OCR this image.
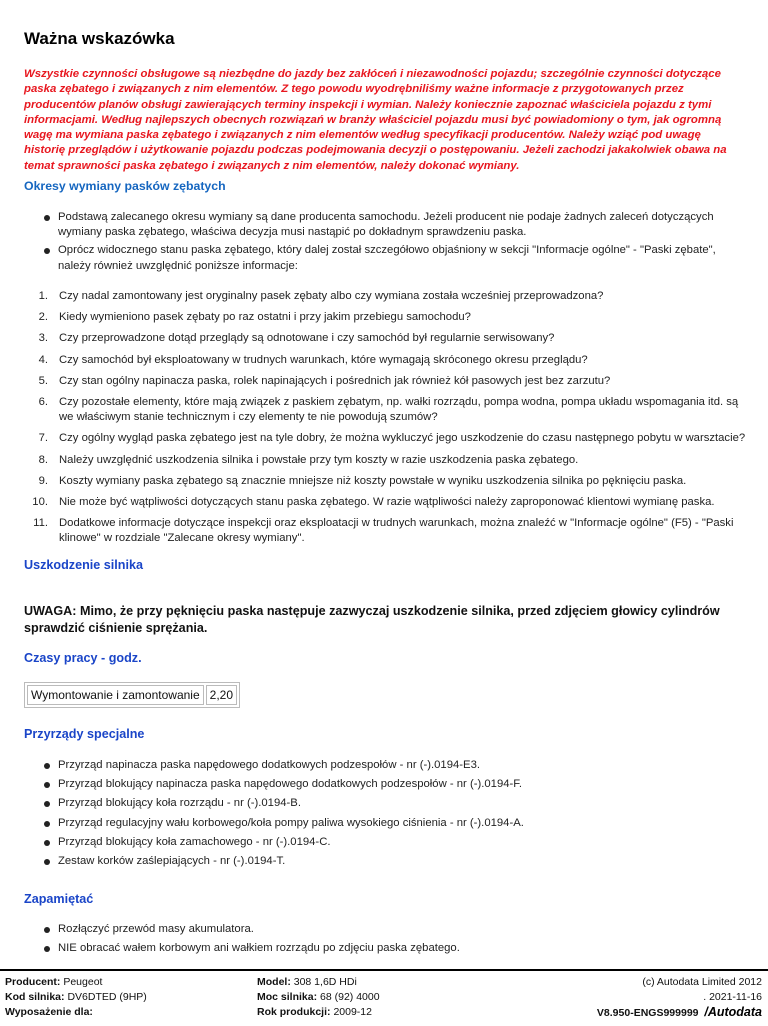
Ważna wskazówka
Wszystkie czynności obsługowe są niezbędne do jazdy bez zakłóceń i niezawodności pojazdu; szczególnie czynności dotyczące paska zębatego i związanych z nim elementów. Z tego powodu wyodrębniliśmy ważne informacje z przygotowanych przez producentów planów obsługi zawierających terminy inspekcji i wymian. Należy koniecznie zapoznać właściciela pojazdu z tymi informacjami. Według najlepszych obecnych rozwiązań w branży właściciel pojazdu musi być powiadomiony o tym, jak ogromną wagę ma wymiana paska zębatego i związanych z nim elementów według specyfikacji producentów. Należy wziąć pod uwagę historię przeglądów i użytkowanie pojazdu podczas podejmowania decyzji o postępowaniu. Jeżeli zachodzi jakakolwiek obawa na temat sprawności paska zębatego i związanych z nim elementów, należy dokonać wymiany.
Okresy wymiany pasków zębatych
Podstawą zalecanego okresu wymiany są dane producenta samochodu. Jeżeli producent nie podaje żadnych zaleceń dotyczących wymiany paska zębatego, właściwa decyzja musi nastąpić po dokładnym sprawdzeniu paska.
Oprócz widocznego stanu paska zębatego, który dalej został szczegółowo objaśniony w sekcji "Informacje ogólne" - "Paski zębate", należy również uwzględnić poniższe informacje:
1. Czy nadal zamontowany jest oryginalny pasek zębaty albo czy wymiana została wcześniej przeprowadzona?
2. Kiedy wymieniono pasek zębaty po raz ostatni i przy jakim przebiegu samochodu?
3. Czy przeprowadzone dotąd przeglądy są odnotowane i czy samochód był regularnie serwisowany?
4. Czy samochód był eksploatowany w trudnych warunkach, które wymagają skróconego okresu przeglądu?
5. Czy stan ogólny napinacza paska, rolek napinających i pośrednich jak również kół pasowych jest bez zarzutu?
6. Czy pozostałe elementy, które mają związek z paskiem zębatym, np. wałki rozrządu, pompa wodna, pompa układu wspomagania itd. są we właściwym stanie technicznym i czy elementy te nie powodują szumów?
7. Czy ogólny wygląd paska zębatego jest na tyle dobry, że można wykluczyć jego uszkodzenie do czasu następnego pobytu w warsztacie?
8. Należy uwzględnić uszkodzenia silnika i powstałe przy tym koszty w razie uszkodzenia paska zębatego.
9. Koszty wymiany paska zębatego są znacznie mniejsze niż koszty powstałe w wyniku uszkodzenia silnika po pęknięciu paska.
10. Nie może być wątpliwości dotyczących stanu paska zębatego. W razie wątpliwości należy zaproponować klientowi wymianę paska.
11. Dodatkowe informacje dotyczące inspekcji oraz eksploatacji w trudnych warunkach, można znaleźć w "Informacje ogólne" (F5) - "Paski klinowe" w rozdziale "Zalecane okresy wymiany".
Uszkodzenie silnika
UWAGA: Mimo, że przy pęknięciu paska następuje zazwyczaj uszkodzenie silnika, przed zdjęciem głowicy cylindrów sprawdzić ciśnienie sprężania.
Czasy pracy - godz.
Wymontowanie i zamontowanie	2,20
Przyrządy specjalne
Przyrząd napinacza paska napędowego dodatkowych podzespołów - nr (-).0194-E3.
Przyrząd blokujący napinacza paska napędowego dodatkowych podzespołów - nr (-).0194-F.
Przyrząd blokujący koła rozrządu - nr (-).0194-B.
Przyrząd regulacyjny wału korbowego/koła pompy paliwa wysokiego ciśnienia - nr (-).0194-A.
Przyrząd blokujący koła zamachowego - nr (-).0194-C.
Zestaw korków zaślepiających - nr (-).0194-T.
Zapamiętać
Rozłączyć przewód masy akumulatora.
NIE obracać wałem korbowym ani wałkiem rozrządu po zdjęciu paska zębatego.
Producent: Peugeot
Kod silnika: DV6DTED (9HP)
Wyposażenie dla:
Model: 308 1,6D HDi
Moc silnika: 68 (92) 4000
Rok produkcji: 2009-12
(c) Autodata Limited 2012
. 2021-11-16
V8.950-ENGS999999 /Autodata
